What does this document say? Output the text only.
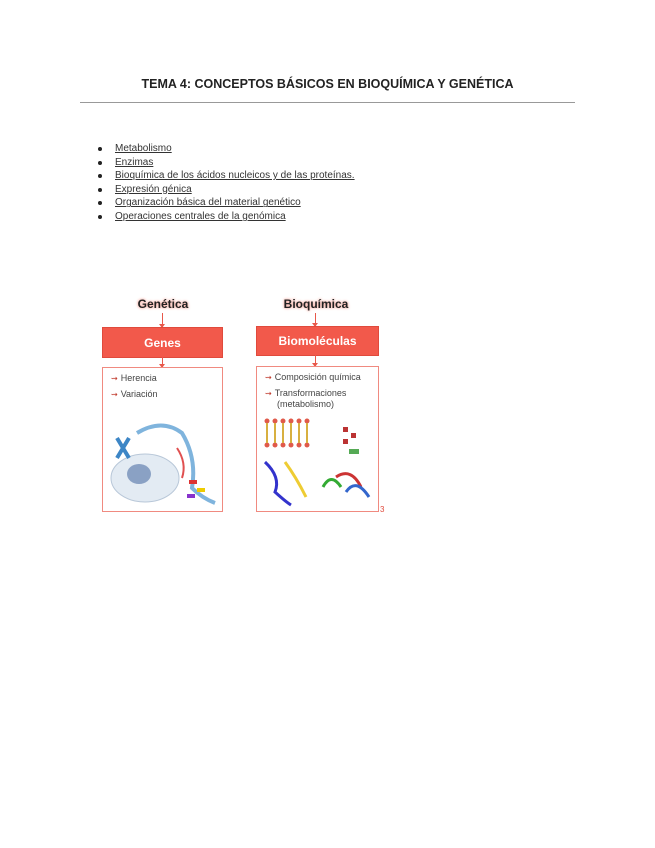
TEMA 4: CONCEPTOS BÁSICOS EN BIOQUÍMICA Y GENÉTICA
Metabolismo
Enzimas
Bioquímica de los ácidos nucleicos y de las proteínas.
Expresión génica
Organización básica del material genético
Operaciones centrales de la genómica
Genética
Genes
⇝ Herencia
⇝ Variación
Bioquímica
Biomoléculas
⇝ Composición química
⇝ Transformaciones (metabolismo)
3
